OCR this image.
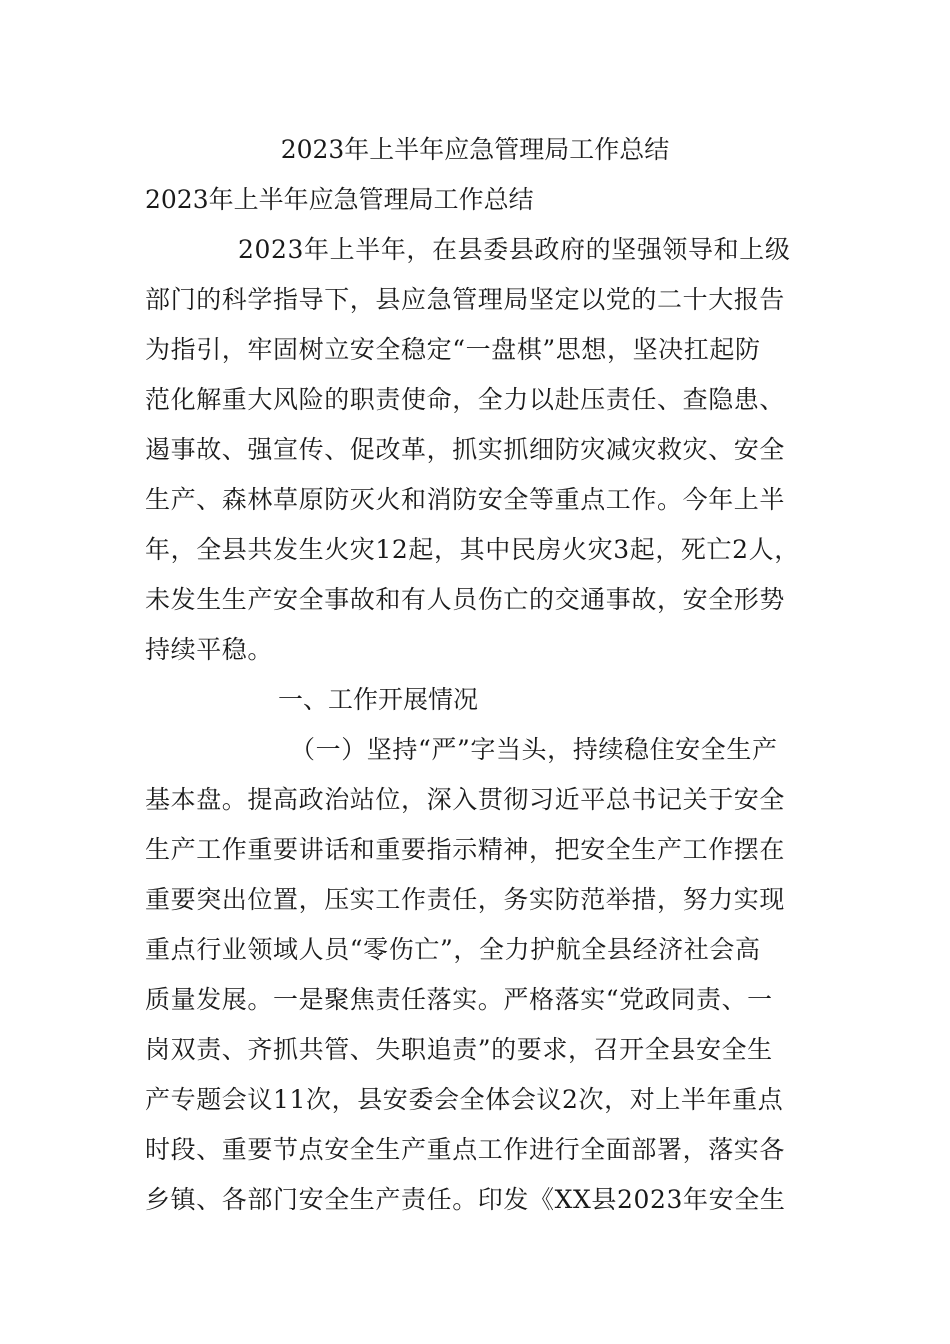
2023年上半年应急管理局工作总结
2023年上半年应急管理局工作总结
2023年上半年，在县委县政府的坚强领导和上级
部门的科学指导下，县应急管理局坚定以党的二十大报告
为指引，牢固树立安全稳定“一盘棋”思想，坚决扛起防
范化解重大风险的职责使命，全力以赴压责任、查隐患、
遏事故、强宣传、促改革，抓实抓细防灾减灾救灾、安全
生产、森林草原防灭火和消防安全等重点工作。今年上半
年，全县共发生火灾12起，其中民房火灾3起，死亡2人，
未发生生产安全事故和有人员伤亡的交通事故，安全形势
持续平稳。
一、工作开展情况
（一）坚持“严”字当头，持续稳住安全生产
基本盘。提高政治站位，深入贯彻习近平总书记关于安全
生产工作重要讲话和重要指示精神，把安全生产工作摆在
重要突出位置，压实工作责任，务实防范举措，努力实现
重点行业领域人员“零伤亡”，全力护航全县经济社会高
质量发展。一是聚焦责任落实。严格落实“党政同责、一
岗双责、齐抓共管、失职追责”的要求，召开全县安全生
产专题会议11次，县安委会全体会议2次，对上半年重点
时段、重要节点安全生产重点工作进行全面部署，落实各
乡镇、各部门安全生产责任。印发《XX县2023年安全生
